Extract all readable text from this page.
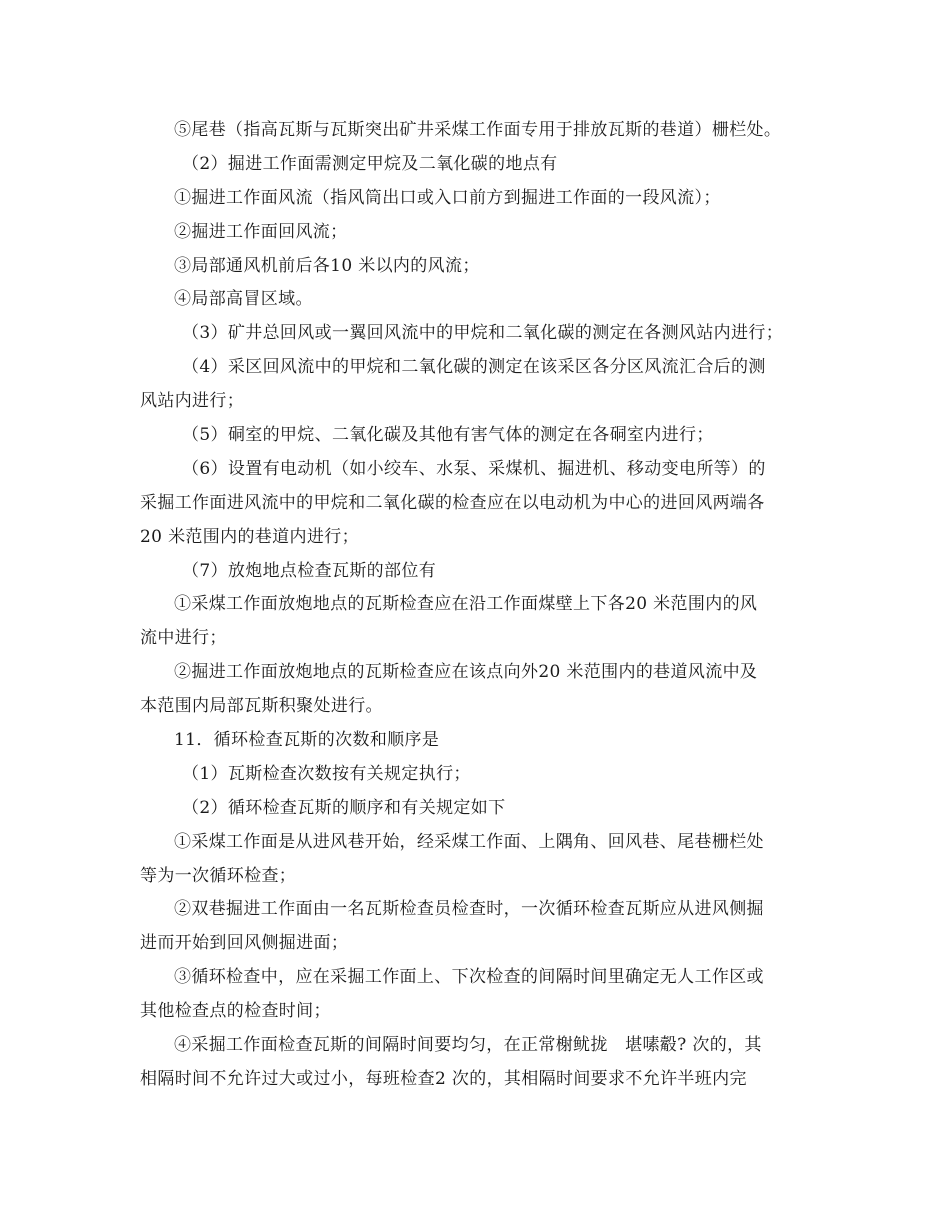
⑤尾巷（指高瓦斯与瓦斯突出矿井采煤工作面专用于排放瓦斯的巷道）栅栏处。
（2）掘进工作面需测定甲烷及二氧化碳的地点有
①掘进工作面风流（指风筒出口或入口前方到掘进工作面的一段风流）；
②掘进工作面回风流；
③局部通风机前后各10 米以内的风流；
④局部高冒区域。
（3）矿井总回风或一翼回风流中的甲烷和二氧化碳的测定在各测风站内进行；
（4）采区回风流中的甲烷和二氧化碳的测定在该采区各分区风流汇合后的测
风站内进行；
（5）硐室的甲烷、二氧化碳及其他有害气体的测定在各硐室内进行；
（6）设置有电动机（如小绞车、水泵、采煤机、掘进机、移动变电所等）的
采掘工作面进风流中的甲烷和二氧化碳的检查应在以电动机为中心的进回风两端各
20 米范围内的巷道内进行；
（7）放炮地点检查瓦斯的部位有
①采煤工作面放炮地点的瓦斯检查应在沿工作面煤壁上下各20 米范围内的风
流中进行；
②掘进工作面放炮地点的瓦斯检查应在该点向外20 米范围内的巷道风流中及
本范围内局部瓦斯积聚处进行。
11．循环检查瓦斯的次数和顺序是
（1）瓦斯检查次数按有关规定执行；
（2）循环检查瓦斯的顺序和有关规定如下
①采煤工作面是从进风巷开始，经采煤工作面、上隅角、回风巷、尾巷栅栏处
等为一次循环检查；
②双巷掘进工作面由一名瓦斯检查员检查时，一次循环检查瓦斯应从进风侧掘
进而开始到回风侧掘进面；
③循环检查中，应在采掘工作面上、下次检查的间隔时间里确定无人工作区或
其他检查点的检查时间；
④采掘工作面检查瓦斯的间隔时间要均匀，在正常榭鱿拢　堪嗉觳? 次的，其
相隔时间不允许过大或过小，每班检查2 次的，其相隔时间要求不允许半班内完
